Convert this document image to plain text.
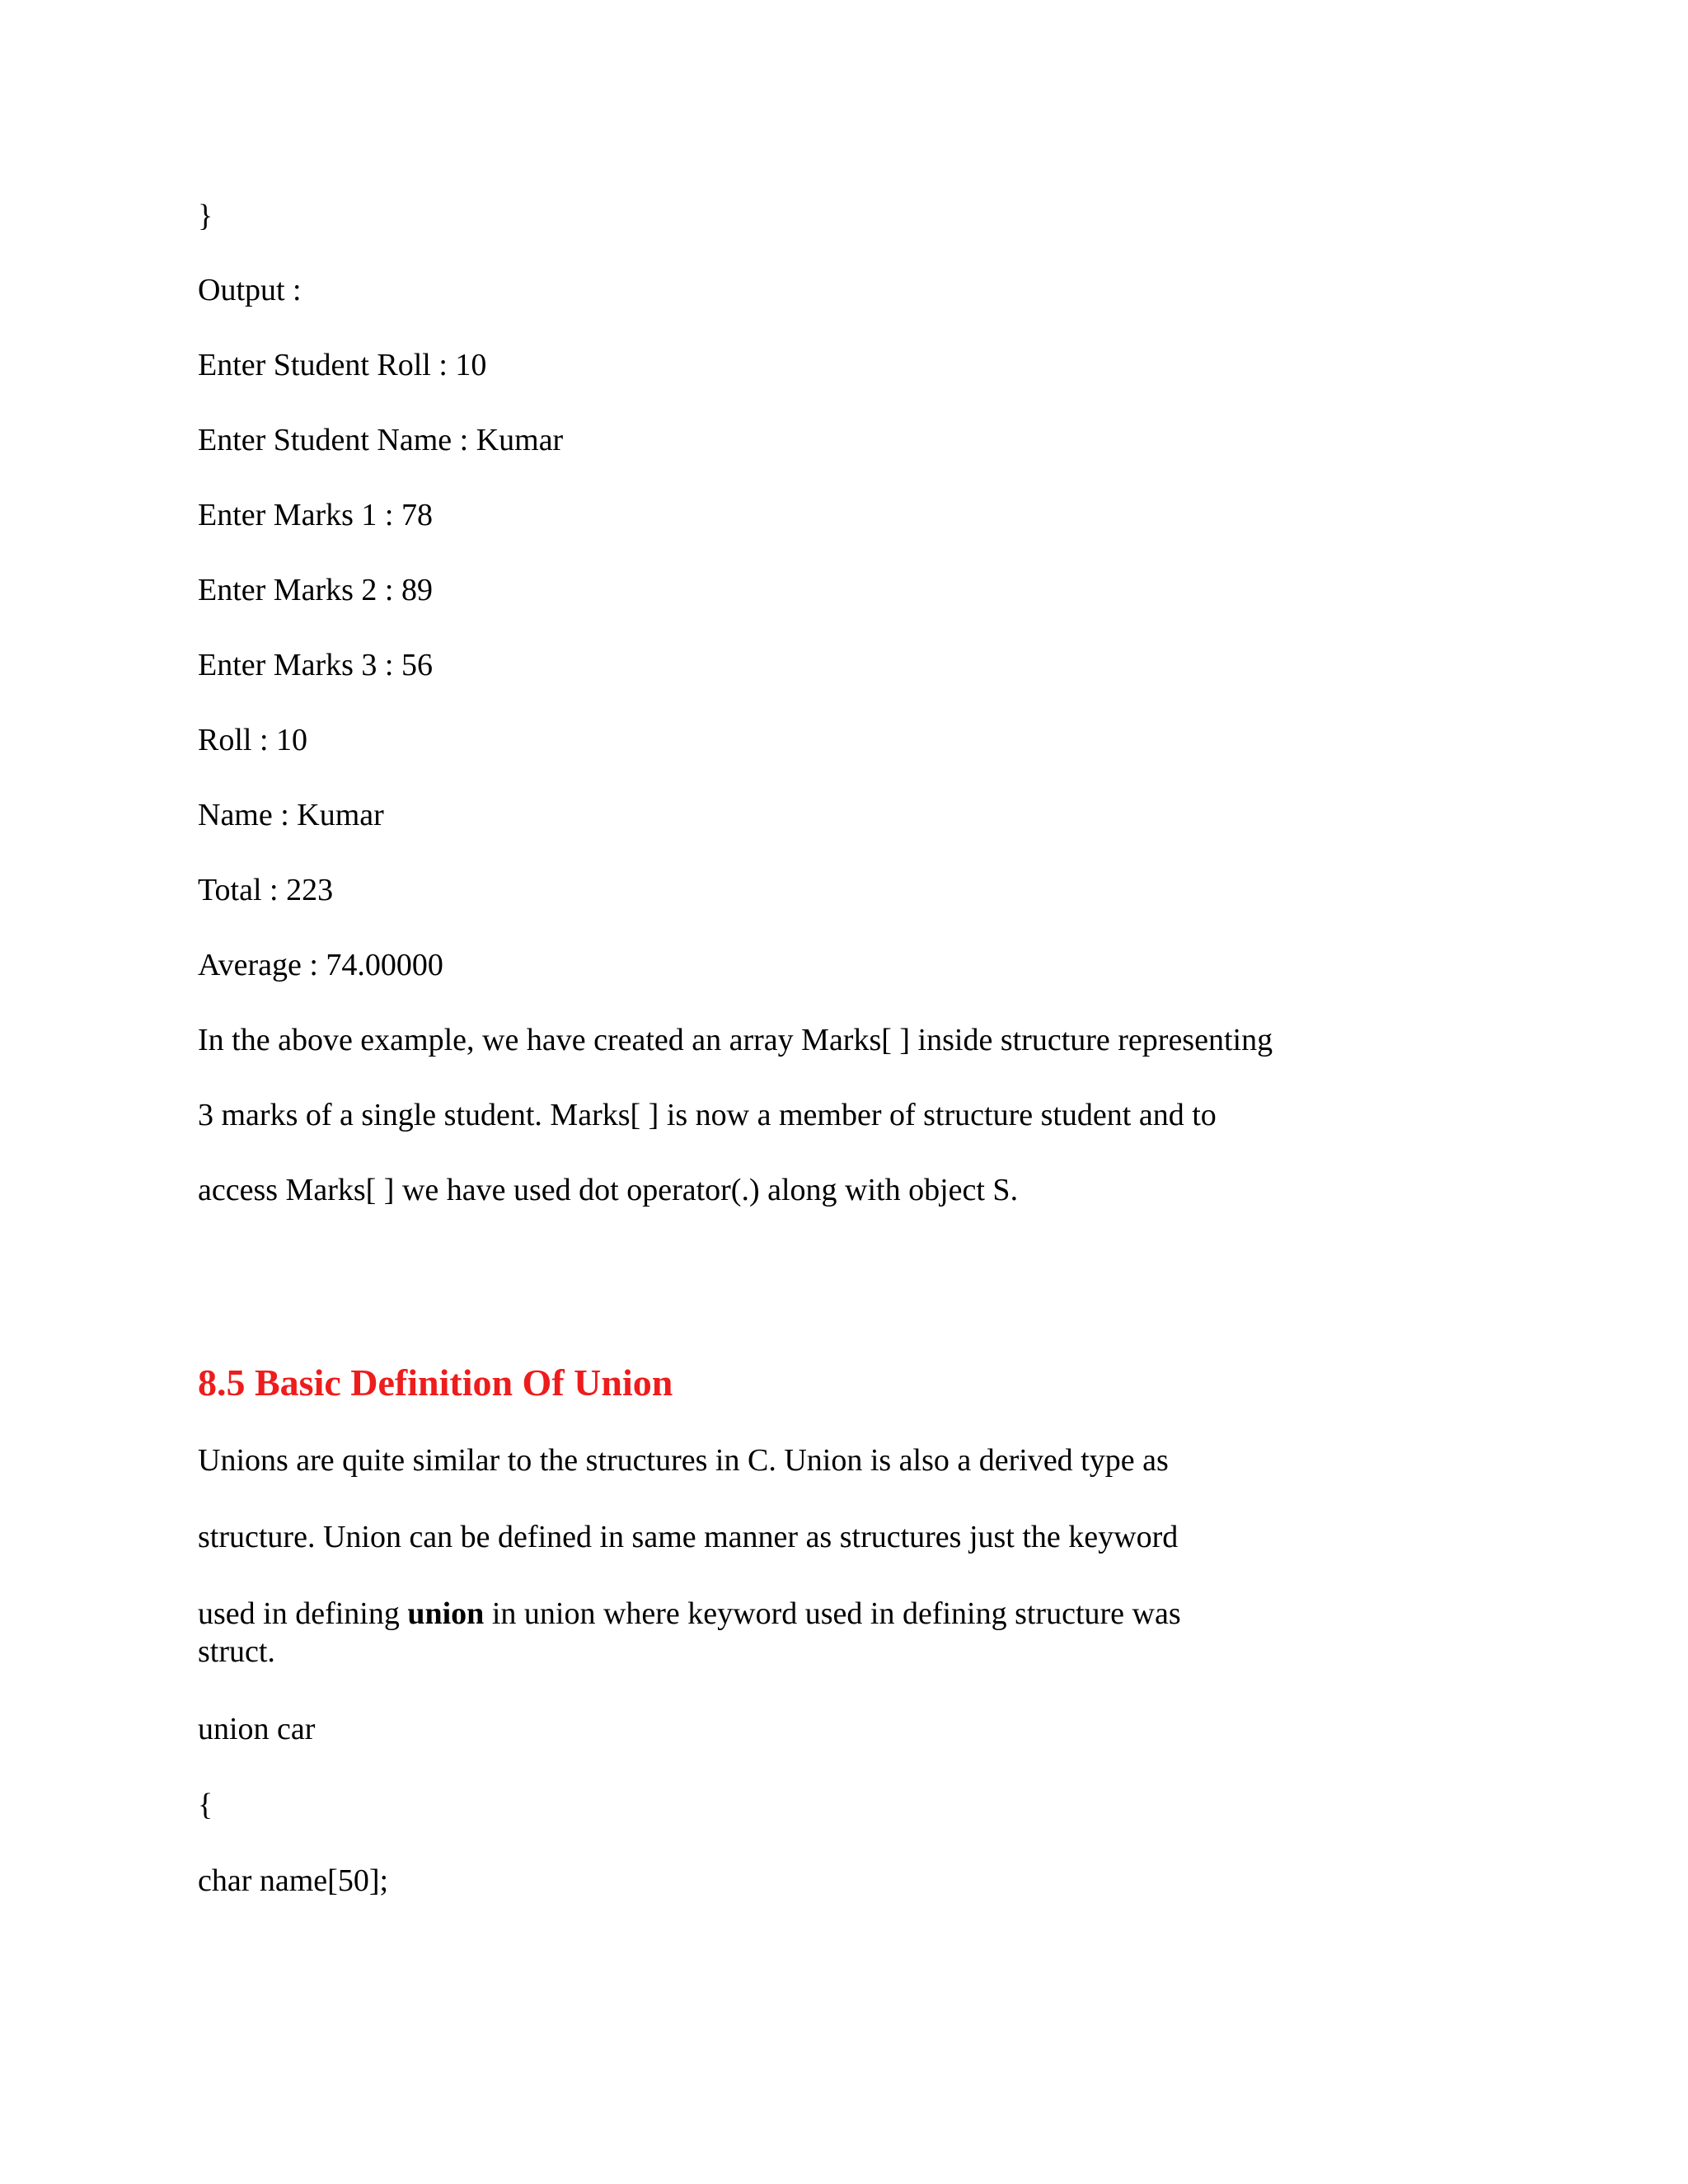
}
Output :
Enter Student Roll : 10
Enter Student Name : Kumar
Enter Marks 1 : 78
Enter Marks 2 : 89
Enter Marks 3 : 56
Roll : 10
Name : Kumar
Total : 223
Average : 74.00000
In the above example, we have created an array Marks[ ] inside structure representing
3 marks of a single student. Marks[ ] is now a member of structure student and to
access Marks[ ] we have used dot operator(.) along with object S.
8.5 Basic Definition Of Union
Unions are quite similar to the structures in C. Union is also a derived type as
structure. Union can be defined in same manner as structures just the keyword
used in defining union in union where keyword used in defining structure was
struct.
union car
{
char name[50];
